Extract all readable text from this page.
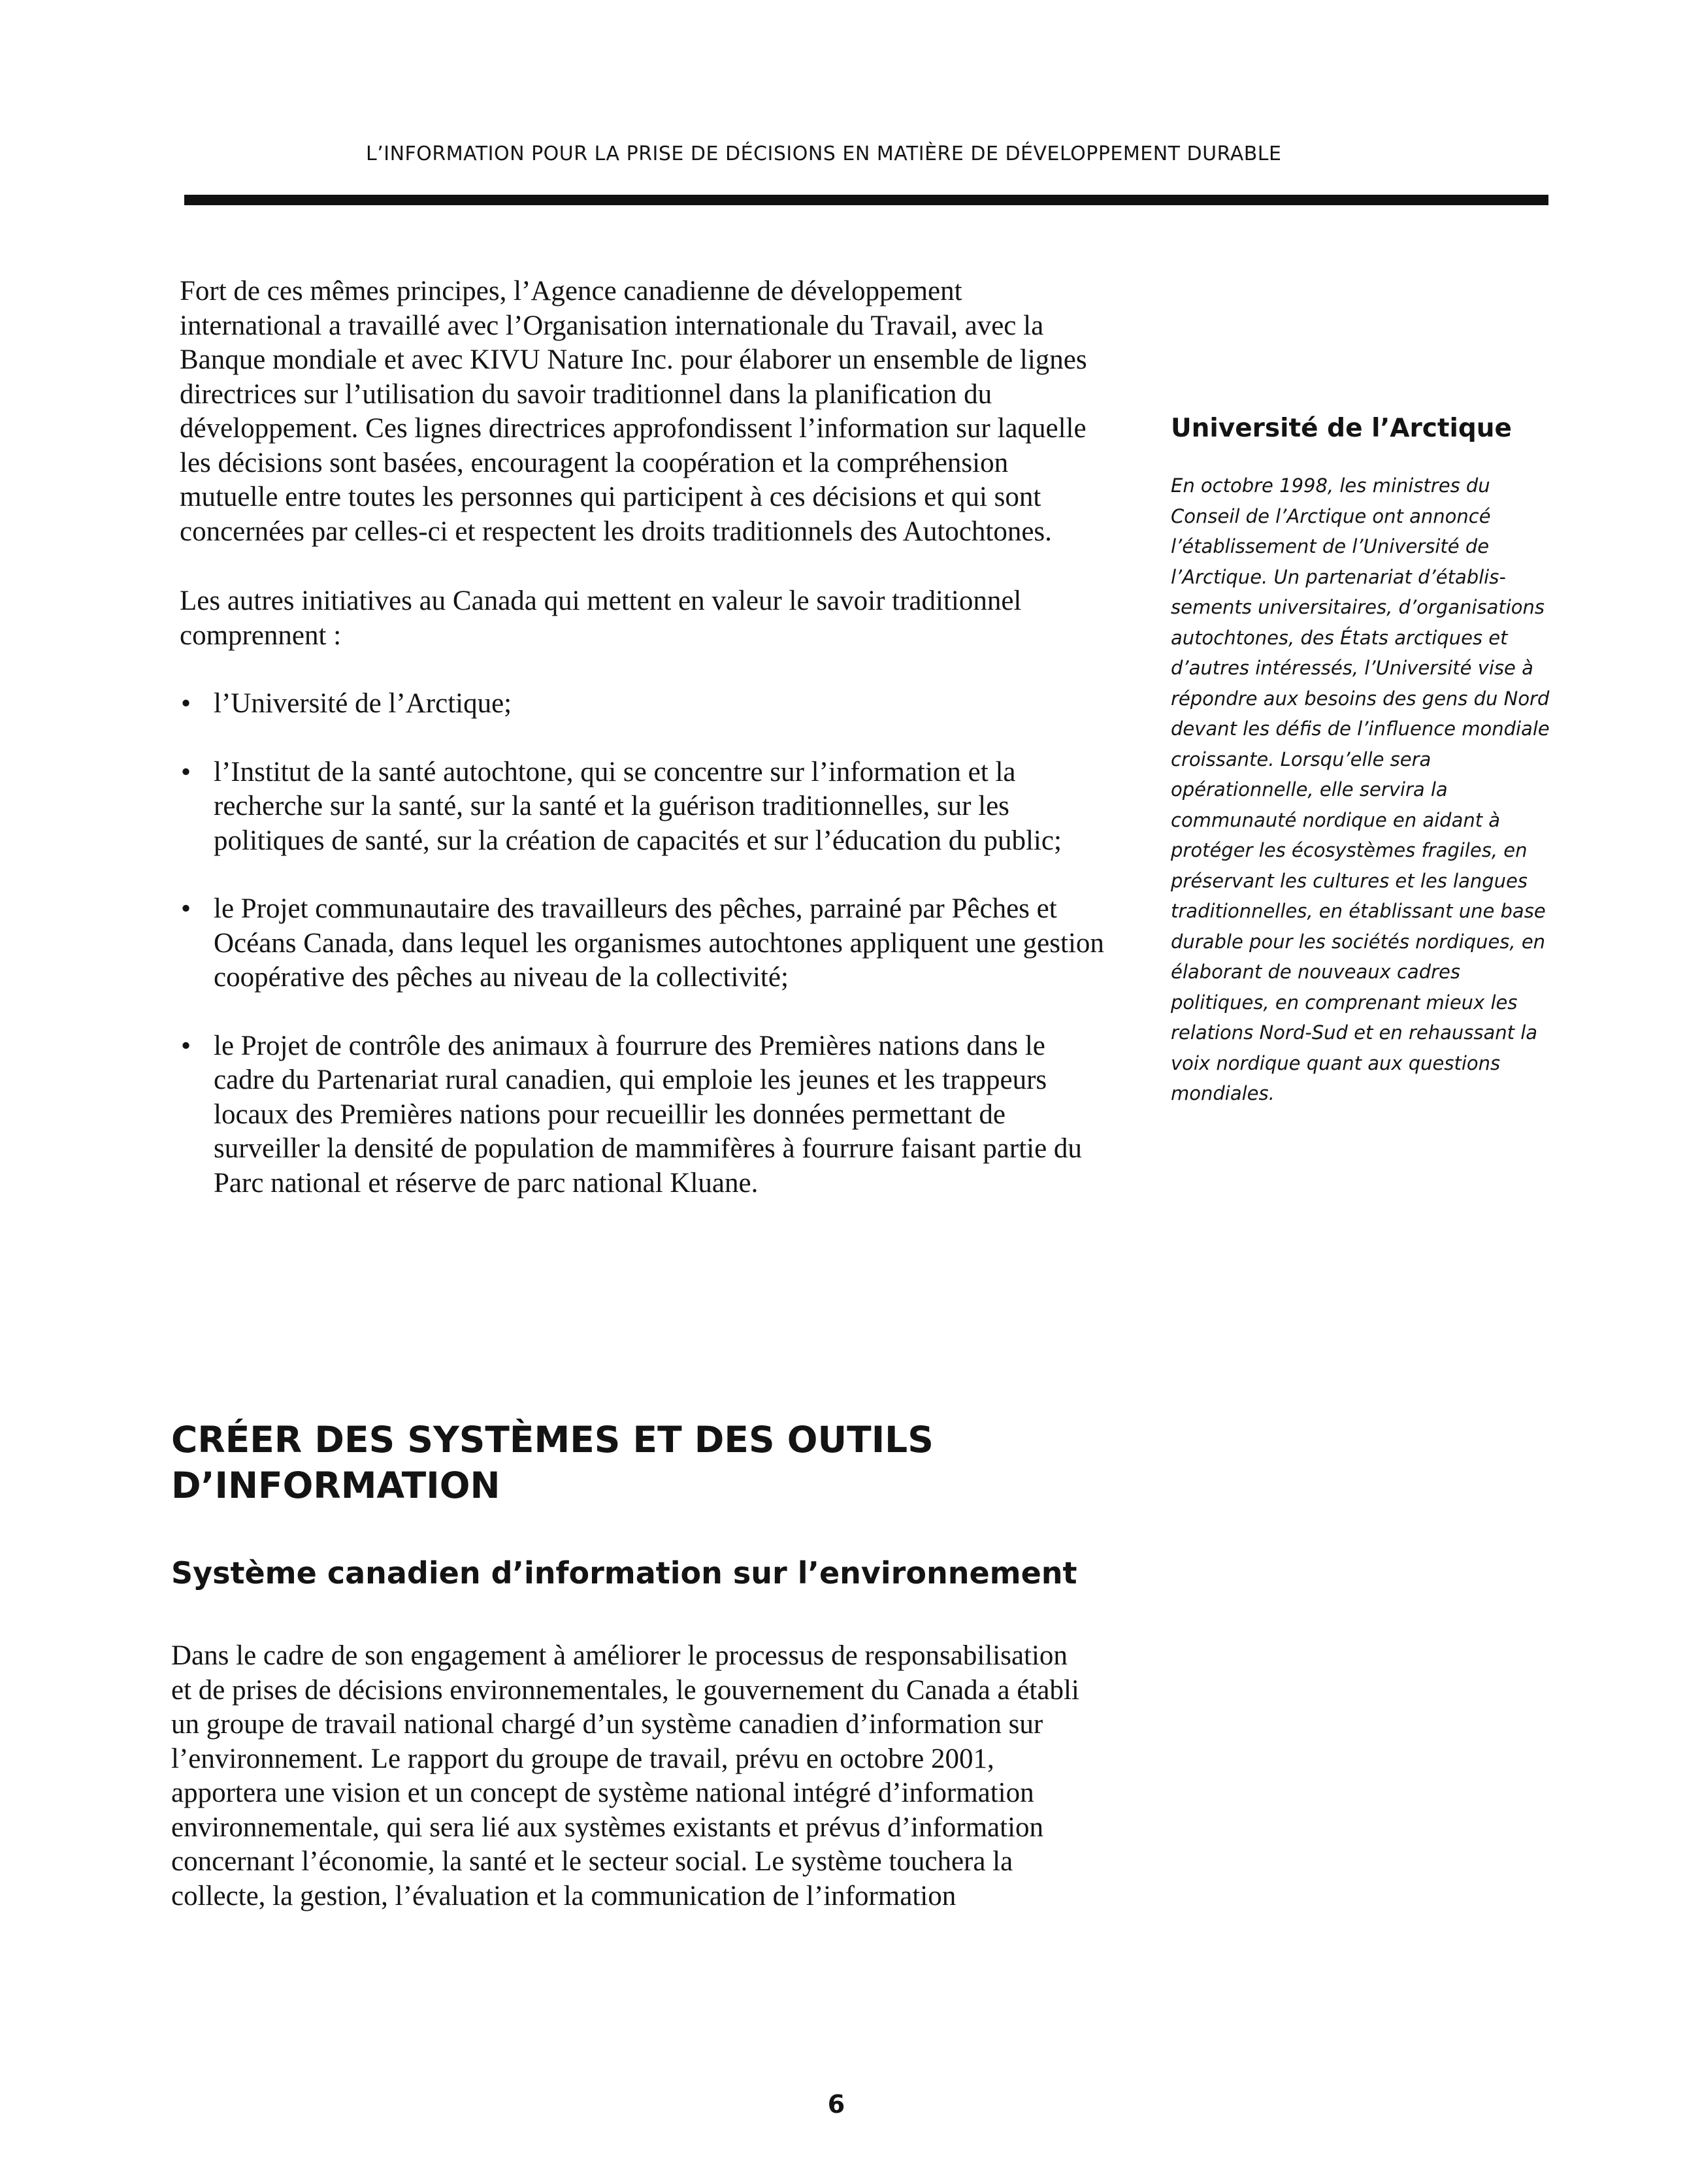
L’INFORMATION POUR LA PRISE DE DÉCISIONS EN MATIÈRE DE DÉVELOPPEMENT DURABLE

Fort de ces mêmes principes, l’Agence canadienne de développement international a travaillé avec l’Organisation internationale du Travail, avec la Banque mondiale et avec KIVU Nature Inc. pour élaborer un ensemble de lignes directrices sur l’utilisation du savoir traditionnel dans la planification du développement. Ces lignes directrices approfondissent l’information sur laquelle les décisions sont basées, encouragent la coopération et la compréhension mutuelle entre toutes les personnes qui participent à ces décisions et qui sont concernées par celles-ci et respectent les droits traditionnels des Autochtones.

Les autres initiatives au Canada qui mettent en valeur le savoir traditionnel comprennent :

• l’Université de l’Arctique;
• l’Institut de la santé autochtone, qui se concentre sur l’information et la recherche sur la santé, sur la santé et la guérison traditionnelles, sur les politiques de santé, sur la création de capacités et sur l’éducation du public;
• le Projet communautaire des travailleurs des pêches, parrainé par Pêches et Océans Canada, dans lequel les organismes autochtones appliquent une gestion coopérative des pêches au niveau de la collectivité;
• le Projet de contrôle des animaux à fourrure des Premières nations dans le cadre du Partenariat rural canadien, qui emploie les jeunes et les trappeurs locaux des Premières nations pour recueillir les données permettant de surveiller la densité de population de mammifères à fourrure faisant partie du Parc national et réserve de parc national Kluane.
Université de l’Arctique

En octobre 1998, les ministres du Conseil de l’Arctique ont annoncé l’établissement de l’Université de l’Arctique. Un partenariat d’établis-sements universitaires, d’organisations autochtones, des États arctiques et d’autres intéressés, l’Université vise à répondre aux besoins des gens du Nord devant les défis de l’influence mondiale croissante. Lorsqu’elle sera opérationnelle, elle servira la communauté nordique en aidant à protéger les écosystèmes fragiles, en préservant les cultures et les langues traditionnelles, en établissant une base durable pour les sociétés nordiques, en élaborant de nouveaux cadres politiques, en comprenant mieux les relations Nord-Sud et en rehaussant la voix nordique quant aux questions mondiales.

CRÉER DES SYSTÈMES ET DES OUTILS D’INFORMATION
Système canadien d’information sur l’environnement

Dans le cadre de son engagement à améliorer le processus de responsabilisation et de prises de décisions environnementales, le gouvernement du Canada a établi un groupe de travail national chargé d’un système canadien d’information sur l’environnement. Le rapport du groupe de travail, prévu en octobre 2001, apportera une vision et un concept de système national intégré d’information environnementale, qui sera lié aux systèmes existants et prévus d’information concernant l’économie, la santé et le secteur social. Le système touchera la collecte, la gestion, l’évaluation et la communication de l’information

6
